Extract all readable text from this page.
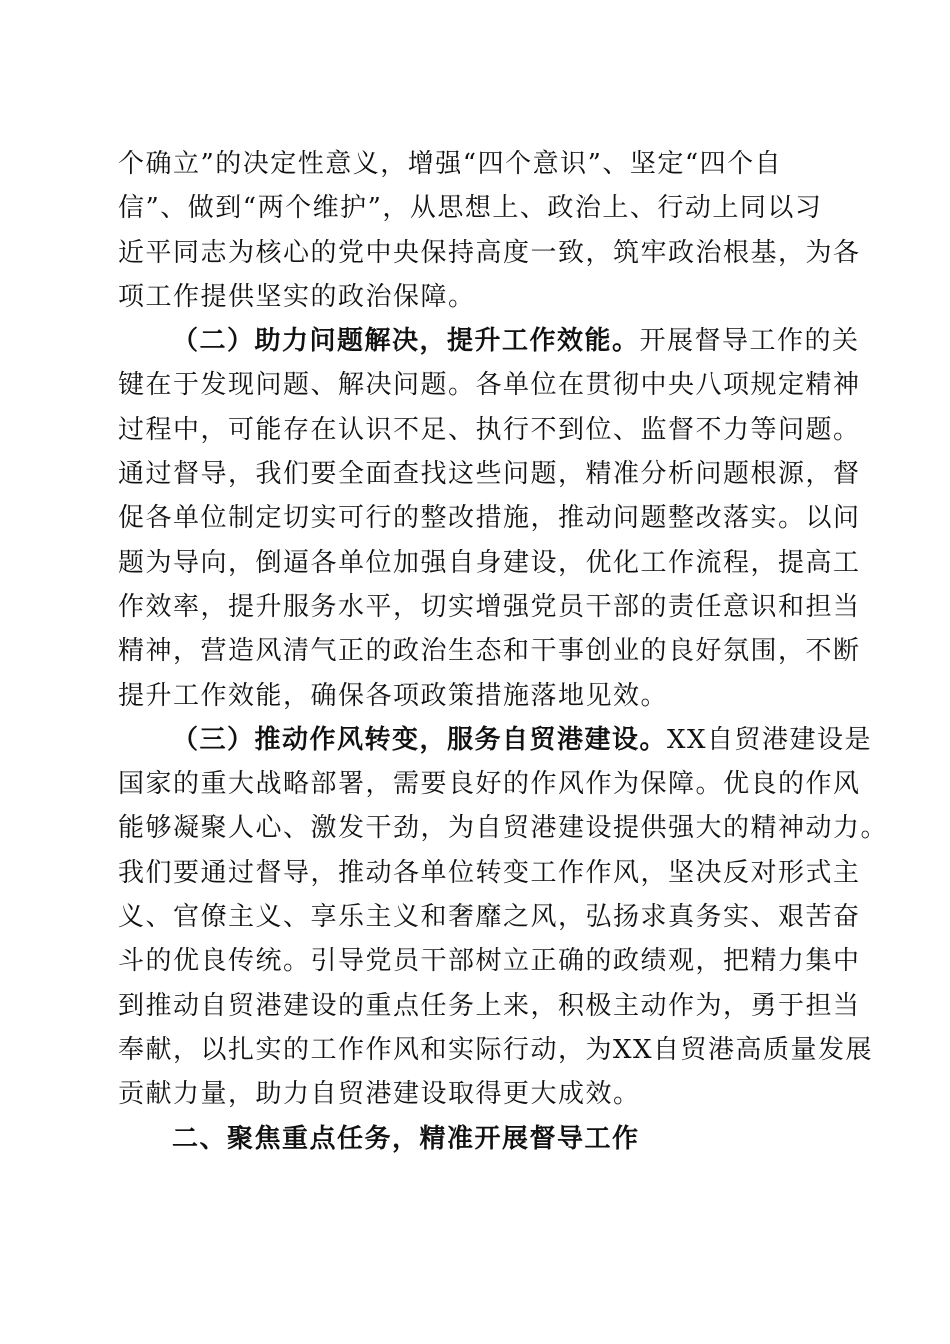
个确立”的决定性意义，增强“四个意识”、坚定“四个自
信”、做到“两个维护”，从思想上、政治上、行动上同以习
近平同志为核心的党中央保持高度一致，筑牢政治根基，为各
项工作提供坚实的政治保障。
（二）助力问题解决，提升工作效能。开展督导工作的关
键在于发现问题、解决问题。各单位在贯彻中央八项规定精神
过程中，可能存在认识不足、执行不到位、监督不力等问题。
通过督导，我们要全面查找这些问题，精准分析问题根源，督
促各单位制定切实可行的整改措施，推动问题整改落实。以问
题为导向，倒逼各单位加强自身建设，优化工作流程，提高工
作效率，提升服务水平，切实增强党员干部的责任意识和担当
精神，营造风清气正的政治生态和干事创业的良好氛围，不断
提升工作效能，确保各项政策措施落地见效。
（三）推动作风转变，服务自贸港建设。XX自贸港建设是
国家的重大战略部署，需要良好的作风作为保障。优良的作风
能够凝聚人心、激发干劲，为自贸港建设提供强大的精神动力。
我们要通过督导，推动各单位转变工作作风，坚决反对形式主
义、官僚主义、享乐主义和奢靡之风，弘扬求真务实、艰苦奋
斗的优良传统。引导党员干部树立正确的政绩观，把精力集中
到推动自贸港建设的重点任务上来，积极主动作为，勇于担当
奉献，以扎实的工作作风和实际行动，为XX自贸港高质量发展
贡献力量，助力自贸港建设取得更大成效。
二、聚焦重点任务，精准开展督导工作
